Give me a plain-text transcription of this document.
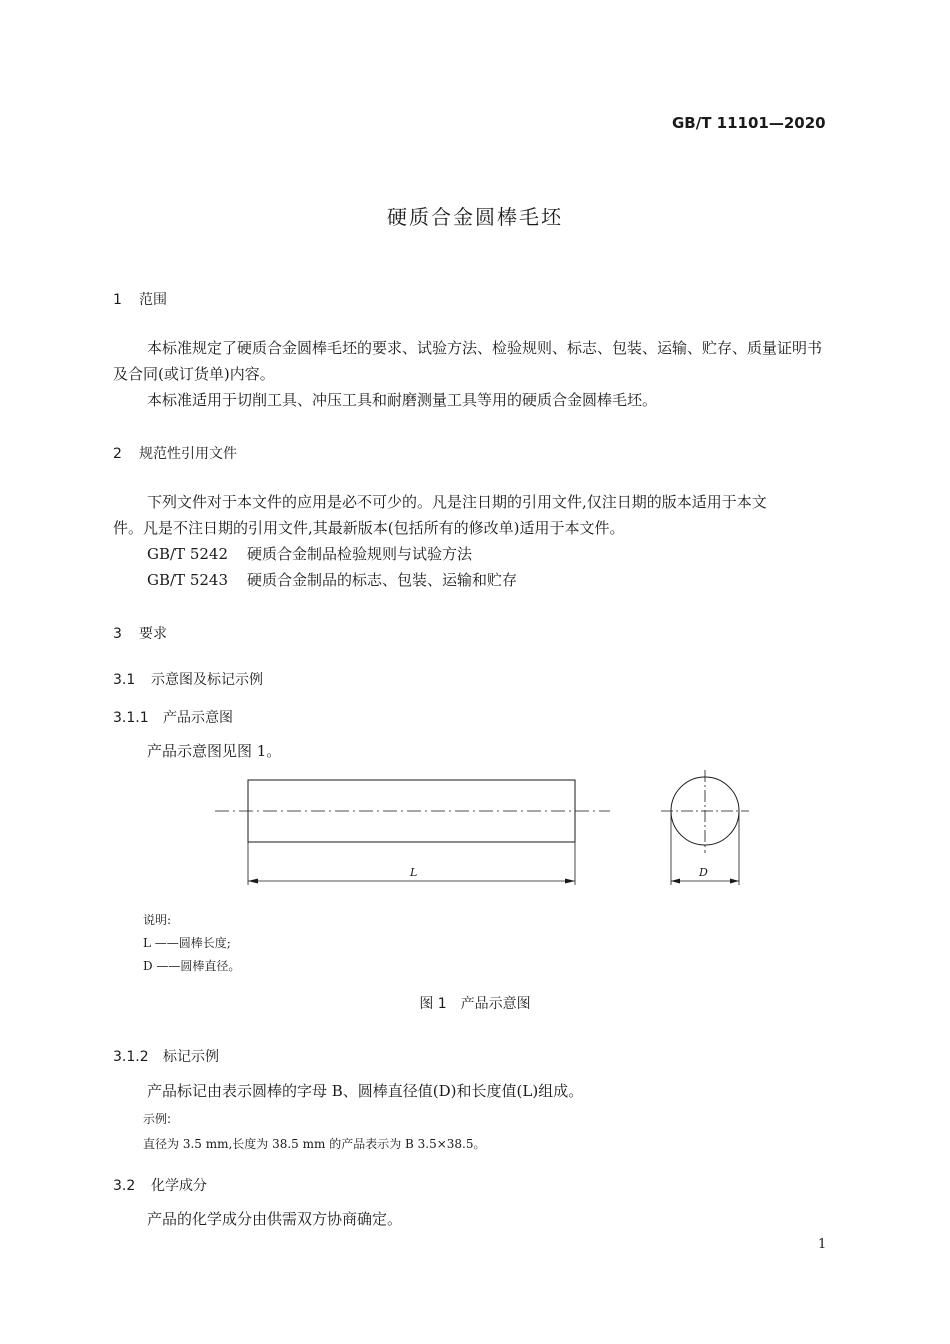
GB/T 11101—2020
硬质合金圆棒毛坯
1 范围
本标准规定了硬质合金圆棒毛坯的要求、试验方法、检验规则、标志、包装、运输、贮存、质量证明书
及合同(或订货单)内容。
本标准适用于切削工具、冲压工具和耐磨测量工具等用的硬质合金圆棒毛坯。
2 规范性引用文件
下列文件对于本文件的应用是必不可少的。凡是注日期的引用文件,仅注日期的版本适用于本文
件。凡是不注日期的引用文件,其最新版本(包括所有的修改单)适用于本文件。
GB/T 5242 硬质合金制品检验规则与试验方法
GB/T 5243 硬质合金制品的标志、包装、运输和贮存
3 要求
3.1 示意图及标记示例
3.1.1 产品示意图
产品示意图见图 1。
L	D
说明:
L ——圆棒长度;
D ——圆棒直径。
图 1　产品示意图
3.1.2 标记示例
产品标记由表示圆棒的字母 B、圆棒直径值(D)和长度值(L)组成。
示例:
直径为 3.5 mm,长度为 38.5 mm 的产品表示为 B 3.5×38.5。
3.2 化学成分
产品的化学成分由供需双方协商确定。
1
